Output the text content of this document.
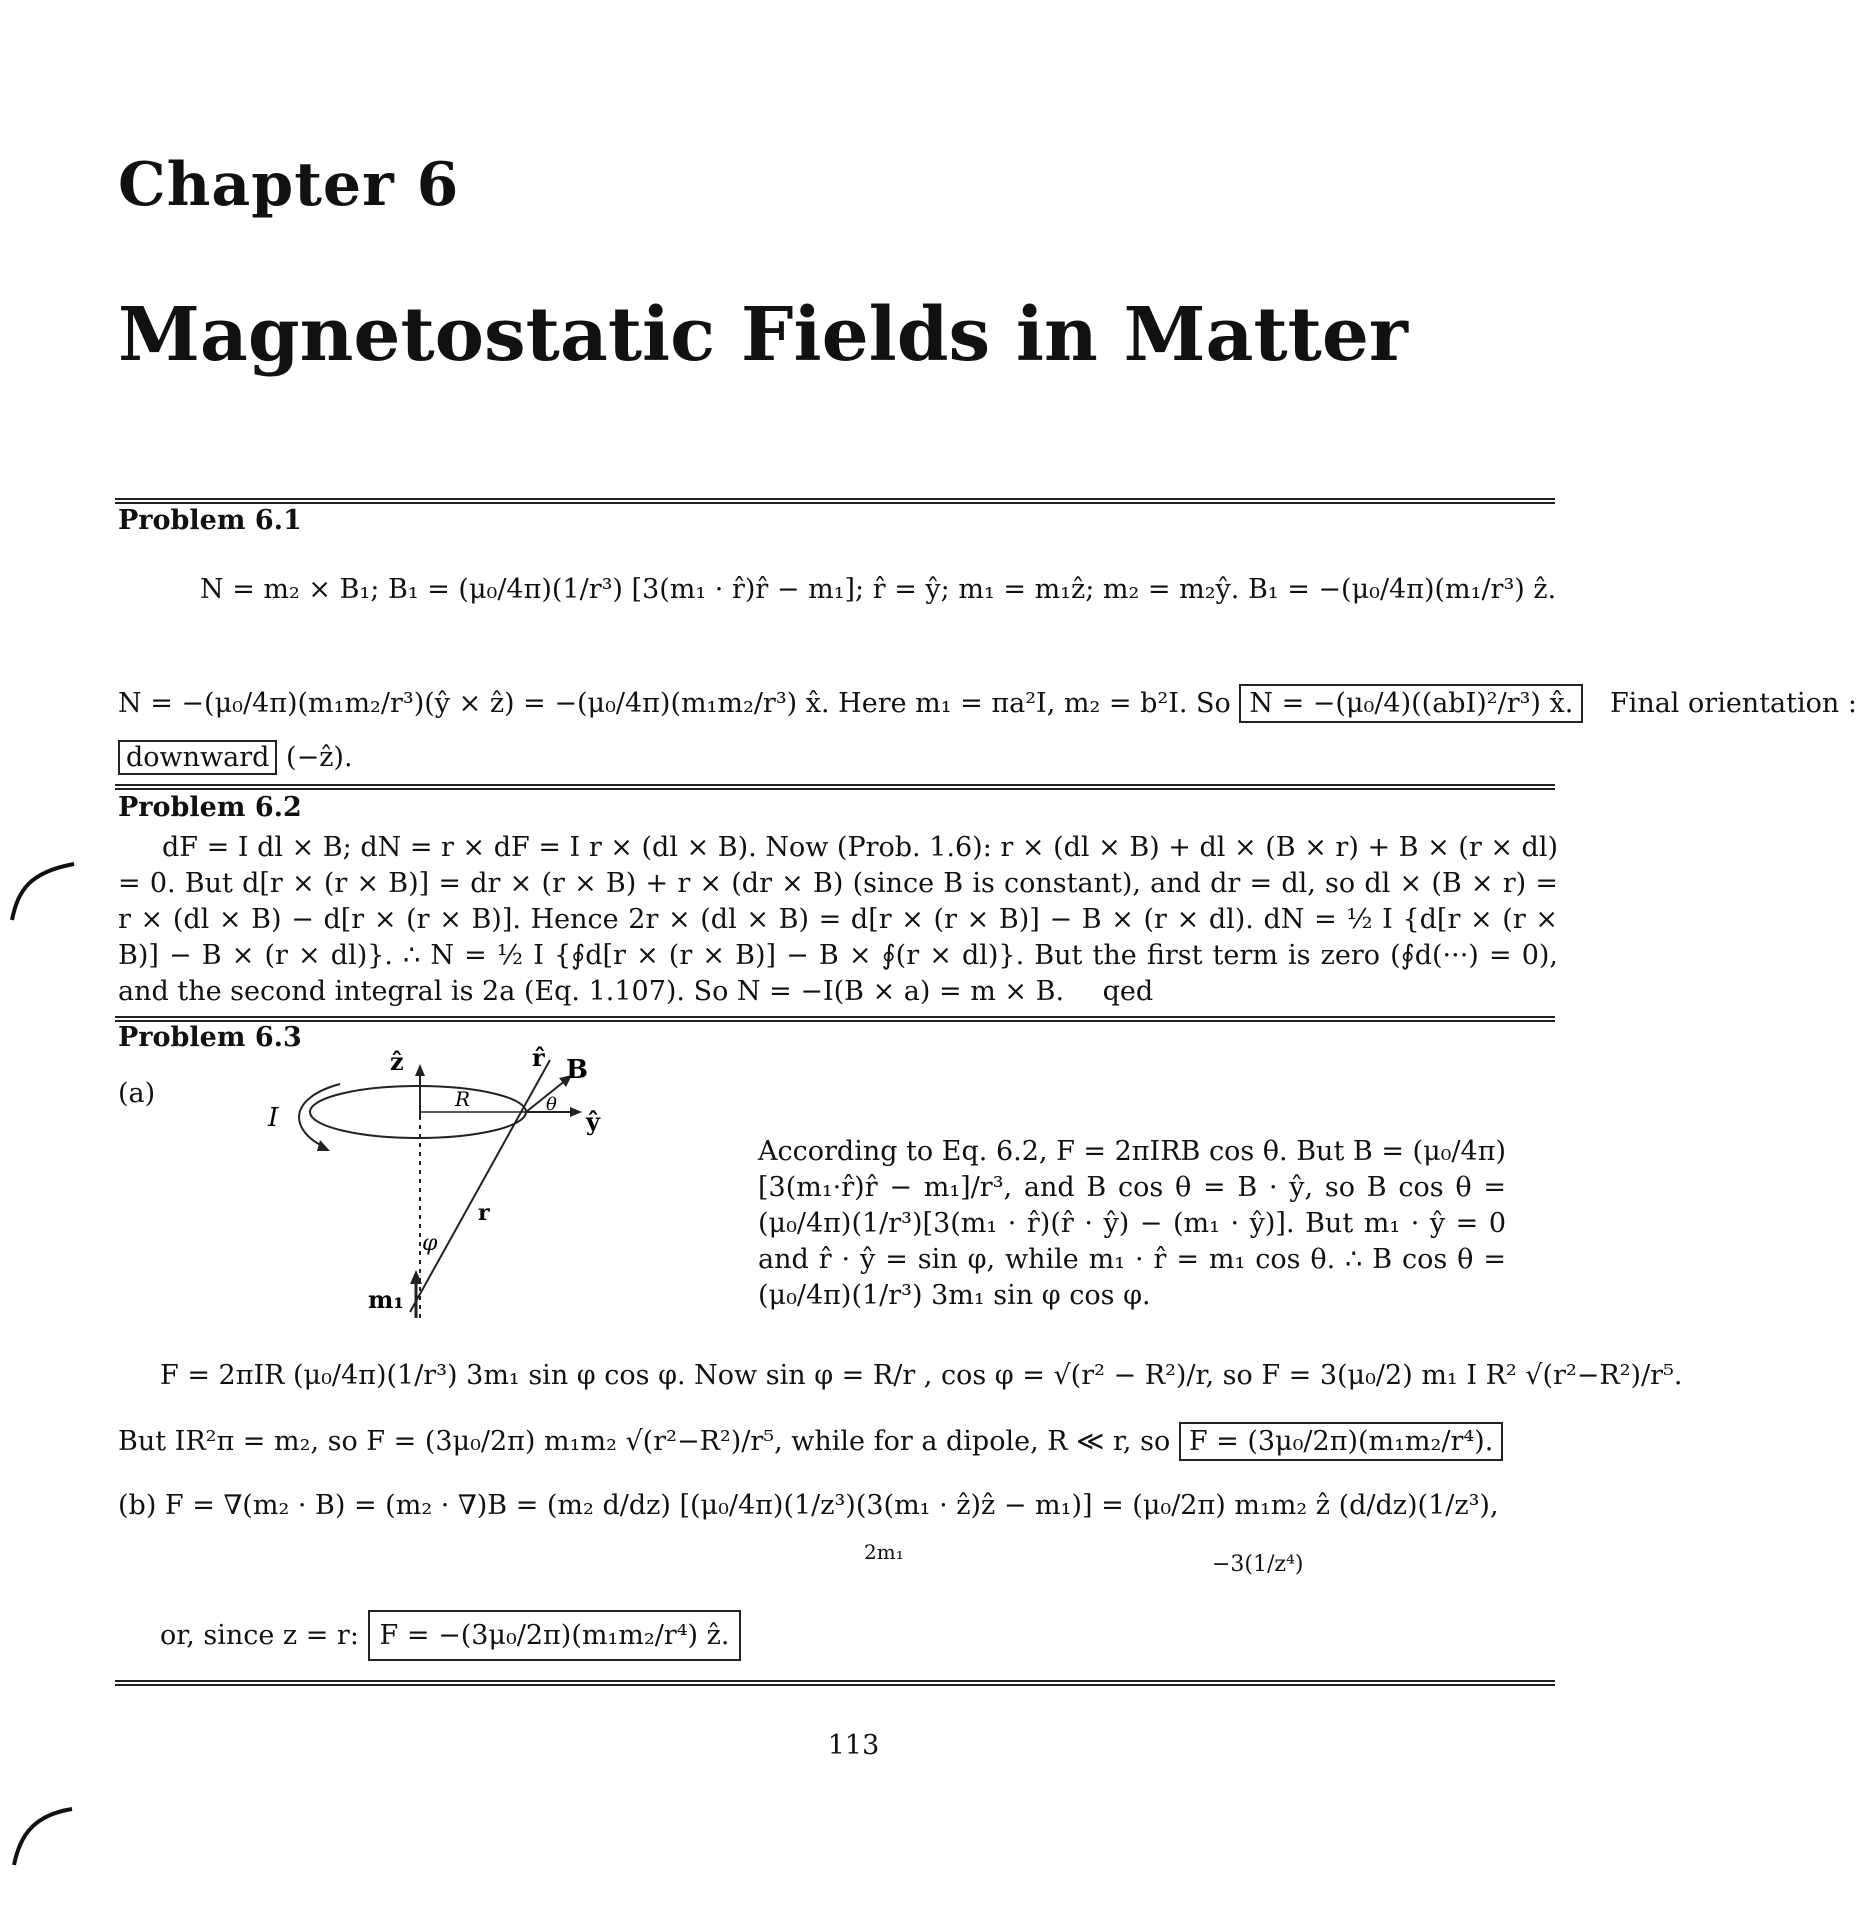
Chapter 6
Magnetostatic Fields in Matter
Problem 6.1
N = m₂ × B₁; B₁ = (μ₀/4π)(1/r³) [3(m₁ · r̂)r̂ − m₁]; r̂ = ŷ; m₁ = m₁ẑ; m₂ = m₂ŷ. B₁ = −(μ₀/4π)(m₁/r³) ẑ.
N = −(μ₀/4π)(m₁m₂/r³)(ŷ × ẑ) = −(μ₀/4π)(m₁m₂/r³) x̂. Here m₁ = πa²I, m₂ = b²I. So N = −(μ₀/4)((abI)²/r³) x̂. Final orientation :
downward (−ẑ).
Problem 6.2
dF = I dl × B; dN = r × dF = I r × (dl × B). Now (Prob. 1.6): r × (dl × B) + dl × (B × r) + B × (r × dl) = 0. But d[r × (r × B)] = dr × (r × B) + r × (dr × B) (since B is constant), and dr = dl, so dl × (B × r) = r × (dl × B) − d[r × (r × B)]. Hence 2r × (dl × B) = d[r × (r × B)] − B × (r × dl). dN = ½ I {d[r × (r × B)] − B × (r × dl)}. ∴ N = ½ I {∮d[r × (r × B)] − B × ∮(r × dl)}. But the first term is zero (∮d(···) = 0), and the second integral is 2a (Eq. 1.107). So N = −I(B × a) = m × B. qed
Problem 6.3
(a)
ẑ
R
ŷ
r̂
r
B
θ
I
φ
m₁
According to Eq. 6.2, F = 2πIRB cos θ. But B = (μ₀/4π)[3(m₁·r̂)r̂ − m₁]/r³, and B cos θ = B · ŷ, so B cos θ = (μ₀/4π)(1/r³)[3(m₁ · r̂)(r̂ · ŷ) − (m₁ · ŷ)]. But m₁ · ŷ = 0 and r̂ · ŷ = sin φ, while m₁ · r̂ = m₁ cos θ. ∴ B cos θ = (μ₀/4π)(1/r³) 3m₁ sin φ cos φ.
F = 2πIR (μ₀/4π)(1/r³) 3m₁ sin φ cos φ. Now sin φ = R/r , cos φ = √(r² − R²)/r, so F = 3(μ₀/2) m₁ I R² √(r²−R²)/r⁵.
But IR²π = m₂, so F = (3μ₀/2π) m₁m₂ √(r²−R²)/r⁵, while for a dipole, R ≪ r, so F = (3μ₀/2π)(m₁m₂/r⁴).
(b) F = ∇(m₂ · B) = (m₂ · ∇)B = (m₂ d/dz) [(μ₀/4π)(1/z³)(3(m₁ · ẑ)ẑ − m₁)] = (μ₀/2π) m₁m₂ ẑ (d/dz)(1/z³),
2m₁	−3(1/z⁴)
or, since z = r: F = −(3μ₀/2π)(m₁m₂/r⁴) ẑ.
113
